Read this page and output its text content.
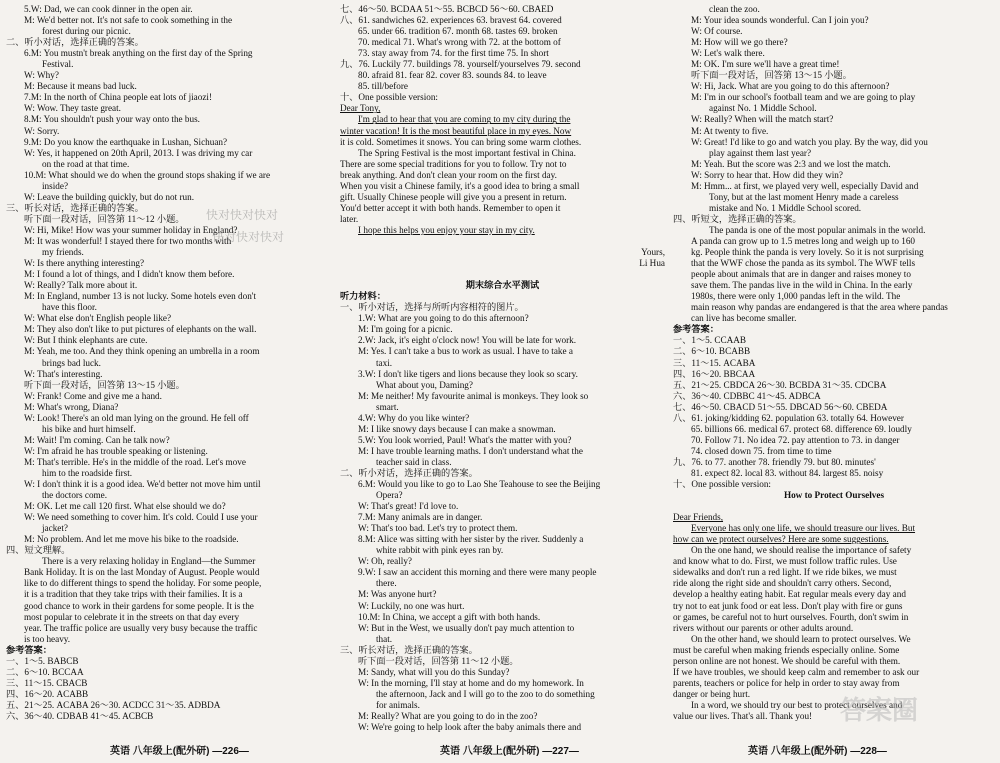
5.W: Dad, we can cook dinner in the open air.
M: We'd better not. It's not safe to cook something in the
forest during our picnic.
二、听小对话，选择正确的答案。
6.M: You mustn't break anything on the first day of the Spring
Festival.
W: Why?
M: Because it means bad luck.
7.M: In the north of China people eat lots of jiaozi!
W: Wow. They taste great.
8.M: You shouldn't push your way onto the bus.
W: Sorry.
9.M: Do you know the earthquake in Lushan, Sichuan?
W: Yes, it happened on 20th April, 2013. I was driving my car
on the road at that time.
10.M: What should we do when the ground stops shaking if we are
inside?
W: Leave the building quickly, but do not run.
三、听长对话，选择正确的答案。
听下面一段对话，回答第 11～12 小题。
W: Hi, Mike! How was your summer holiday in England?
M: It was wonderful! I stayed there for two months with
my friends.
W: Is there anything interesting?
M: I found a lot of things, and I didn't know them before.
W: Really? Talk more about it.
M: In England, number 13 is not lucky. Some hotels even don't
have this floor.
W: What else don't English people like?
M: They also don't like to put pictures of elephants on the wall.
W: But I think elephants are cute.
M: Yeah, me too. And they think opening an umbrella in a room
brings bad luck.
W: That's interesting.
听下面一段对话，回答第 13～15 小题。
W: Frank! Come and give me a hand.
M: What's wrong, Diana?
W: Look! There's an old man lying on the ground. He fell off
his bike and hurt himself.
M: Wait! I'm coming. Can he talk now?
W: I'm afraid he has trouble speaking or listening.
M: That's terrible. He's in the middle of the road. Let's move
him to the roadside first.
W: I don't think it is a good idea. We'd better not move him until
the doctors come.
M: OK. Let me call 120 first. What else should we do?
W: We need something to cover him. It's cold. Could I use your
jacket?
M: No problem. And let me move his bike to the roadside.
四、短文理解。
There is a very relaxing holiday in England—the Summer
Bank Holiday. It is on the last Monday of August. People would
like to do different things to spend the holiday. For some people,
it is a tradition that they take trips with their families. It is a
good chance to work in their gardens for some people. It is the
most popular to celebrate it in the streets on that day every
year. The traffic police are usually very busy because the traffic
is too heavy.
参考答案：
一、1～5. BABCB
二、6～10. BCCAA
三、11～15. CBACB
四、16～20. ACABB
五、21～25. ACABA 26～30. ACDCC 31～35. ADBDA
六、36～40. CDBAB 41～45. ACBCB
七、46～50. BCDAA 51～55. BCBCD 56～60. CBAED
八、61. sandwiches 62. experiences 63. bravest 64. covered
65. under 66. tradition 67. month 68. tastes 69. broken
70. medical 71. What's wrong with 72. at the bottom of
73. stay away from 74. for the first time 75. In short
九、76. Luckily 77. buildings 78. yourself/yourselves 79. second
80. afraid 81. fear 82. cover 83. sounds 84. to leave
85. till/before
十、One possible version:
Dear Tony,
I'm glad to hear that you are coming to my city during the
winter vacation! It is the most beautiful place in my eyes. Now
it is cold. Sometimes it snows. You can bring some warm clothes.
The Spring Festival is the most important festival in China.
There are some special traditions for you to follow. Try not to
break anything. And don't clean your room on the first day.
When you visit a Chinese family, it's a good idea to bring a small
gift. Usually Chinese people will give you a present in return.
You'd better accept it with both hands. Remember to open it
later.
I hope this helps you enjoy your stay in my city.

Yours,
Li Hua

期末综合水平测试
听力材料：
一、听小对话，选择与所听内容相符的图片。
1.W: What are you going to do this afternoon?
M: I'm going for a picnic.
2.W: Jack, it's eight o'clock now! You will be late for work.
M: Yes. I can't take a bus to work as usual. I have to take a
taxi.
3.W: I don't like tigers and lions because they look so scary.
What about you, Daming?
M: Me neither! My favourite animal is monkeys. They look so
smart.
4.W: Why do you like winter?
M: I like snowy days because I can make a snowman.
5.W: You look worried, Paul! What's the matter with you?
M: I have trouble learning maths. I don't understand what the
teacher said in class.
二、听小对话，选择正确的答案。
6.M: Would you like to go to Lao She Teahouse to see the Beijing
Opera?
W: That's great! I'd love to.
7.M: Many animals are in danger.
W: That's too bad. Let's try to protect them.
8.M: Alice was sitting with her sister by the river. Suddenly a
white rabbit with pink eyes ran by.
W: Oh, really?
9.W: I saw an accident this morning and there were many people
there.
M: Was anyone hurt?
W: Luckily, no one was hurt.
10.M: In China, we accept a gift with both hands.
W: But in the West, we usually don't pay much attention to
that.
三、听长对话，选择正确的答案。
听下面一段对话，回答第 11～12 小题。
M: Sandy, what will you do this Sunday?
W: In the morning, I'll stay at home and do my homework. In
the afternoon, Jack and I will go to the zoo to do something
for animals.
M: Really? What are you going to do in the zoo?
W: We're going to help look after the baby animals there and
clean the zoo.
M: Your idea sounds wonderful. Can I join you?
W: Of course.
M: How will we go there?
W: Let's walk there.
M: OK. I'm sure we'll have a great time!
听下面一段对话，回答第 13～15 小题。
W: Hi, Jack. What are you going to do this afternoon?
M: I'm in our school's football team and we are going to play
against No. 1 Middle School.
W: Really? When will the match start?
M: At twenty to five.
W: Great! I'd like to go and watch you play. By the way, did you
play against them last year?
M: Yeah. But the score was 2:3 and we lost the match.
W: Sorry to hear that. How did they win?
M: Hmm... at first, we played very well, especially David and
Tony, but at the last moment Henry made a careless
mistake and No. 1 Middle School scored.
四、听短文，选择正确的答案。
The panda is one of the most popular animals in the world.
A panda can grow up to 1.5 metres long and weigh up to 160
kg. People think the panda is very lovely. So it is not surprising
that the WWF chose the panda as its symbol. The WWF tells
people about animals that are in danger and raises money to
save them. The pandas live in the wild in China. In the early
1980s, there were only 1,000 pandas left in the wild. The
main reason why pandas are endangered is that the area where pandas
can live has become smaller.
参考答案：
一、1～5. CCAAB
二、6～10. BCABB
三、11～15. ACABA
四、16～20. BBCAA
五、21～25. CBDCA 26～30. BCBDA 31～35. CDCBA
六、36～40. CDBBC 41～45. ADBCA
七、46～50. CBACD 51～55. DBCAD 56～60. CBEDA
八、61. joking/kidding 62. population 63. totally 64. However
65. billions 66. medical 67. protect 68. difference 69. loudly
70. Follow 71. No idea 72. pay attention to 73. in danger
74. closed down 75. from time to time
九、76. to 77. another 78. friendly 79. but 80. minutes'
81. expect 82. local 83. without 84. largest 85. noisy
十、One possible version:
How to Protect Ourselves

Dear Friends,
Everyone has only one life, we should treasure our lives. But
how can we protect ourselves? Here are some suggestions.
On the one hand, we should realise the importance of safety
and know what to do. First, we must follow traffic rules. Use
sidewalks and don't run a red light. If we ride bikes, we must
ride along the right side and shouldn't carry others. Second,
develop a healthy eating habit. Eat regular meals every day and
try not to eat junk food or eat less. Don't play with fire or guns
or games, be careful not to hurt ourselves. Fourth, don't swim in
rivers without our parents or other adults around.
On the other hand, we should learn to protect ourselves. We
must be careful when making friends especially online. Some
person online are not honest. We should be careful with them.
If we have troubles, we should keep calm and remember to ask our
parents, teachers or police for help in order to stay away from
danger or being hurt.
In a word, we should try our best to protect ourselves and
value our lives. That's all. Thank you!
英语 八年级上(配外研) —226—	英语 八年级上(配外研) —227—	英语 八年级上(配外研) —228—
快对快对快对
快对快对快对
答案圈
